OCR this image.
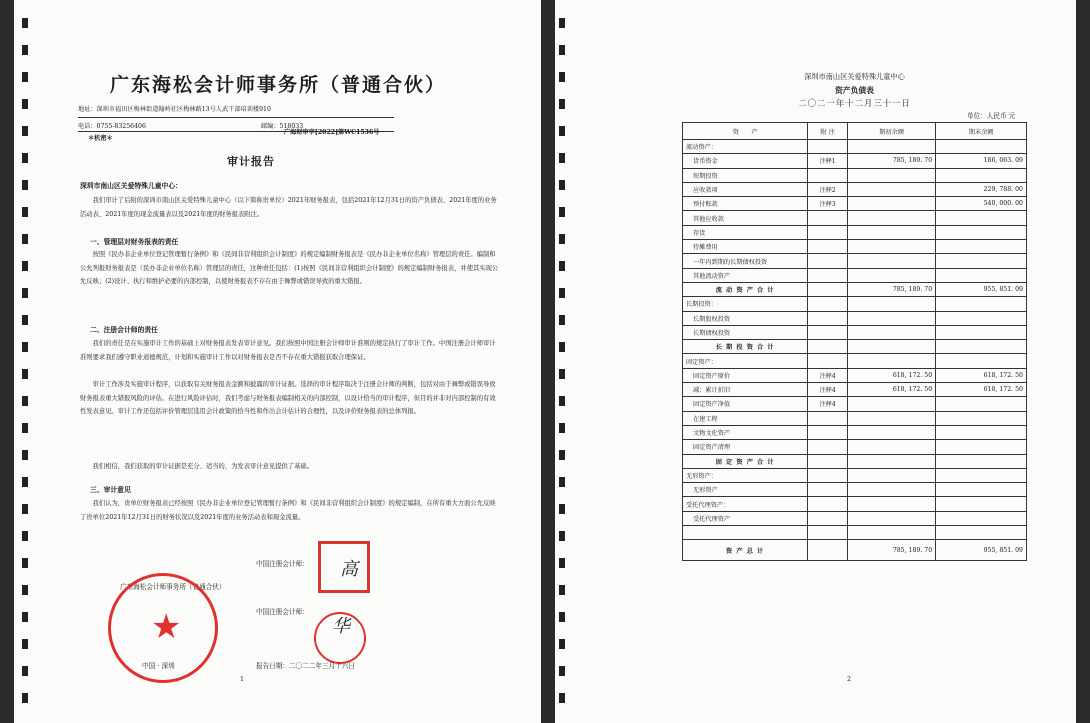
广东海松会计师事务所（普通合伙）
地址：深圳市福田区梅林街道翰岭社区梅林路13号人武干部培训楼910
电话：0755-83256406	邮编：518033
＊机密＊
广海财审字[2022]第WC1536号
审计报告
深圳市南山区关爱特殊儿童中心：
我们审计了后附的深圳市南山区关爱特殊儿童中心（以下简称贵单位）2021年财务报表，包括2021年12月31日的资产负债表、2021年度的业务活动表、2021年度的现金流量表以及2021年度的财务报表附注。
一、管理层对财务报表的责任
按照《民办非企业单位登记管理暂行条例》和《民间非营利组织会计制度》的规定编制财务报表是《民办非企业单位名称》管理层的责任。编制和公允列报财务报表是（民办非企业单位名称）管理层的责任，这种责任包括：(1)按照《民间非营利组织会计制度》的规定编制财务报表，并使其实现公允反映；(2)设计、执行和维护必要的内部控制，以使财务报表不存在由于舞弊或错误导致的重大错报。
二、注册会计师的责任
我们的责任是在实施审计工作的基础上对财务报表发表审计意见。我们按照中国注册会计师审计准则的规定执行了审计工作。中国注册会计师审计准则要求我们遵守职业道德规范，计划和实施审计工作以对财务报表是否不存在重大错报获取合理保证。
审计工作涉及实施审计程序，以获取有关财务报表金额和披露的审计证据。选择的审计程序取决于注册会计师的判断，包括对由于舞弊或错误导致财务报表重大错报风险的评估。在进行风险评估时，我们考虑与财务报表编制相关的内部控制，以设计恰当的审计程序，但目的并非对内部控制的有效性发表意见。审计工作还包括评价管理层选用会计政策的恰当性和作出会计估计的合理性，以及评价财务报表的总体列报。
我们相信，我们获取的审计证据是充分、适当的，为发表审计意见提供了基础。
三、审计意见
我们认为，贵单位财务报表已经按照《民办非企业单位登记管理暂行条例》和《民间非营利组织会计制度》的规定编制，在所有重大方面公允反映了贵单位2021年12月31日的财务状况以及2021年度的业务活动表和现金流量。
中国注册会计师： 高
广东海松会计师事务所（普通合伙）
★	中国注册会计师：
华
中国 · 深圳	报告日期：二〇二二年三月十六日
1
深圳市南山区关爱特殊儿童中心
资产负债表
二〇二一年十二月三十一日
单位：人民币 元
资　　产	附 注	期初余额	期末余额
流动资产：			
货币资金	注释1	785, 189. 70	186, 063. 09
短期投资			
应收款项	注释2		229, 788. 00
预付账款	注释3		540, 000. 00
其他应收款			
存货			
待摊费用			
一年内到期的长期债权投资			
其他流动资产			
流 动 资 产 合 计		785, 189. 70	955, 851. 09
长期投资：			
长期股权投资			
长期债权投资			
长 期 投 资 合 计			
固定资产：			
固定资产原价	注释4	618, 172. 50	618, 172. 50
减：累计折旧	注释4	618, 172. 50	618, 172. 50
固定资产净值	注释4		
在建工程			
文物文化资产			
固定资产清理			
固 定 资 产 合 计			
无形资产：			
无形资产			
受托代理资产：			
受托代理资产			

资 产 总 计		785, 189. 70	955, 851. 09
2
